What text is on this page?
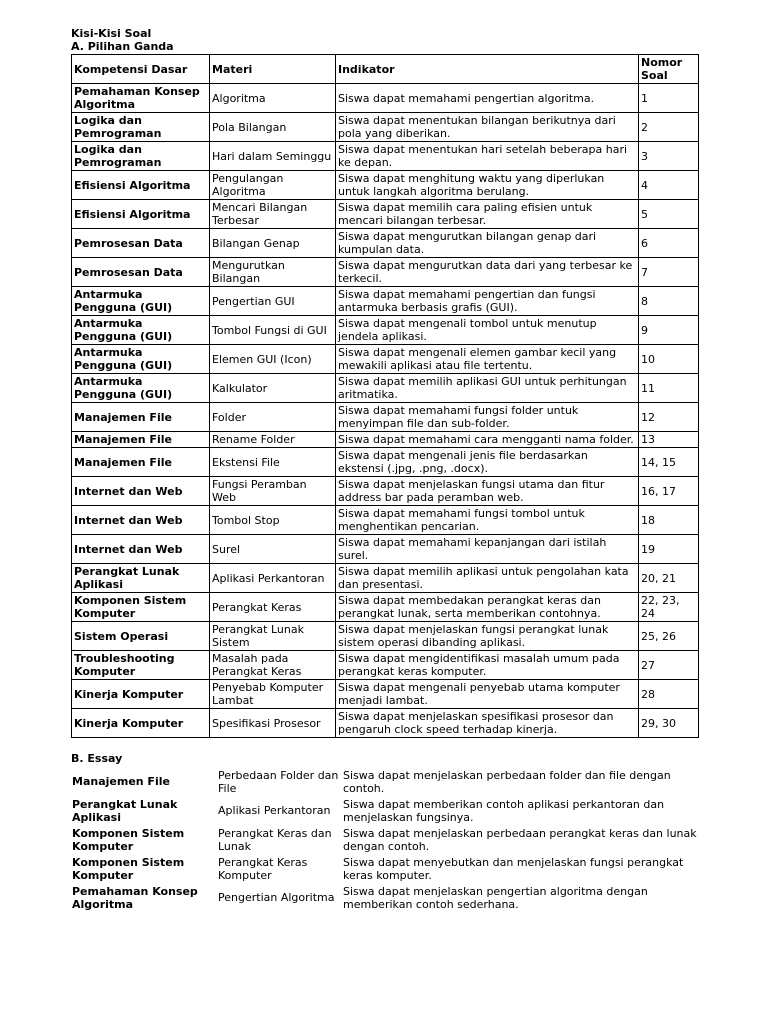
Kisi-Kisi Soal
A. Pilihan Ganda
Kompetensi Dasar	Materi	Indikator	Nomor Soal
Pemahaman Konsep Algoritma	Algoritma	Siswa dapat memahami pengertian algoritma.	1
Logika dan Pemrograman	Pola Bilangan	Siswa dapat menentukan bilangan berikutnya dari pola yang diberikan.	2
Logika dan Pemrograman	Hari dalam Seminggu	Siswa dapat menentukan hari setelah beberapa hari ke depan.	3
Efisiensi Algoritma	Pengulangan Algoritma	Siswa dapat menghitung waktu yang diperlukan untuk langkah algoritma berulang.	4
Efisiensi Algoritma	Mencari Bilangan Terbesar	Siswa dapat memilih cara paling efisien untuk mencari bilangan terbesar.	5
Pemrosesan Data	Bilangan Genap	Siswa dapat mengurutkan bilangan genap dari kumpulan data.	6
Pemrosesan Data	Mengurutkan Bilangan	Siswa dapat mengurutkan data dari yang terbesar ke terkecil.	7
Antarmuka Pengguna (GUI)	Pengertian GUI	Siswa dapat memahami pengertian dan fungsi antarmuka berbasis grafis (GUI).	8
Antarmuka Pengguna (GUI)	Tombol Fungsi di GUI	Siswa dapat mengenali tombol untuk menutup jendela aplikasi.	9
Antarmuka Pengguna (GUI)	Elemen GUI (Icon)	Siswa dapat mengenali elemen gambar kecil yang mewakili aplikasi atau file tertentu.	10
Antarmuka Pengguna (GUI)	Kalkulator	Siswa dapat memilih aplikasi GUI untuk perhitungan aritmatika.	11
Manajemen File	Folder	Siswa dapat memahami fungsi folder untuk menyimpan file dan sub-folder.	12
Manajemen File	Rename Folder	Siswa dapat memahami cara mengganti nama folder.	13
Manajemen File	Ekstensi File	Siswa dapat mengenali jenis file berdasarkan ekstensi (.jpg, .png, .docx).	14, 15
Internet dan Web	Fungsi Peramban Web	Siswa dapat menjelaskan fungsi utama dan fitur address bar pada peramban web.	16, 17
Internet dan Web	Tombol Stop	Siswa dapat memahami fungsi tombol untuk menghentikan pencarian.	18
Internet dan Web	Surel	Siswa dapat memahami kepanjangan dari istilah surel.	19
Perangkat Lunak Aplikasi	Aplikasi Perkantoran	Siswa dapat memilih aplikasi untuk pengolahan kata dan presentasi.	20, 21
Komponen Sistem Komputer	Perangkat Keras	Siswa dapat membedakan perangkat keras dan perangkat lunak, serta memberikan contohnya.	22, 23, 24
Sistem Operasi	Perangkat Lunak Sistem	Siswa dapat menjelaskan fungsi perangkat lunak sistem operasi dibanding aplikasi.	25, 26
Troubleshooting Komputer	Masalah pada Perangkat Keras	Siswa dapat mengidentifikasi masalah umum pada perangkat keras komputer.	27
Kinerja Komputer	Penyebab Komputer Lambat	Siswa dapat mengenali penyebab utama komputer menjadi lambat.	28
Kinerja Komputer	Spesifikasi Prosesor	Siswa dapat menjelaskan spesifikasi prosesor dan pengaruh clock speed terhadap kinerja.	29, 30
B. Essay
Manajemen File	Perbedaan Folder dan File	Siswa dapat menjelaskan perbedaan folder dan file dengan contoh.
Perangkat Lunak Aplikasi	Aplikasi Perkantoran	Siswa dapat memberikan contoh aplikasi perkantoran dan menjelaskan fungsinya.
Komponen Sistem Komputer	Perangkat Keras dan Lunak	Siswa dapat menjelaskan perbedaan perangkat keras dan lunak dengan contoh.
Komponen Sistem Komputer	Perangkat Keras Komputer	Siswa dapat menyebutkan dan menjelaskan fungsi perangkat keras komputer.
Pemahaman Konsep Algoritma	Pengertian Algoritma	Siswa dapat menjelaskan pengertian algoritma dengan memberikan contoh sederhana.
